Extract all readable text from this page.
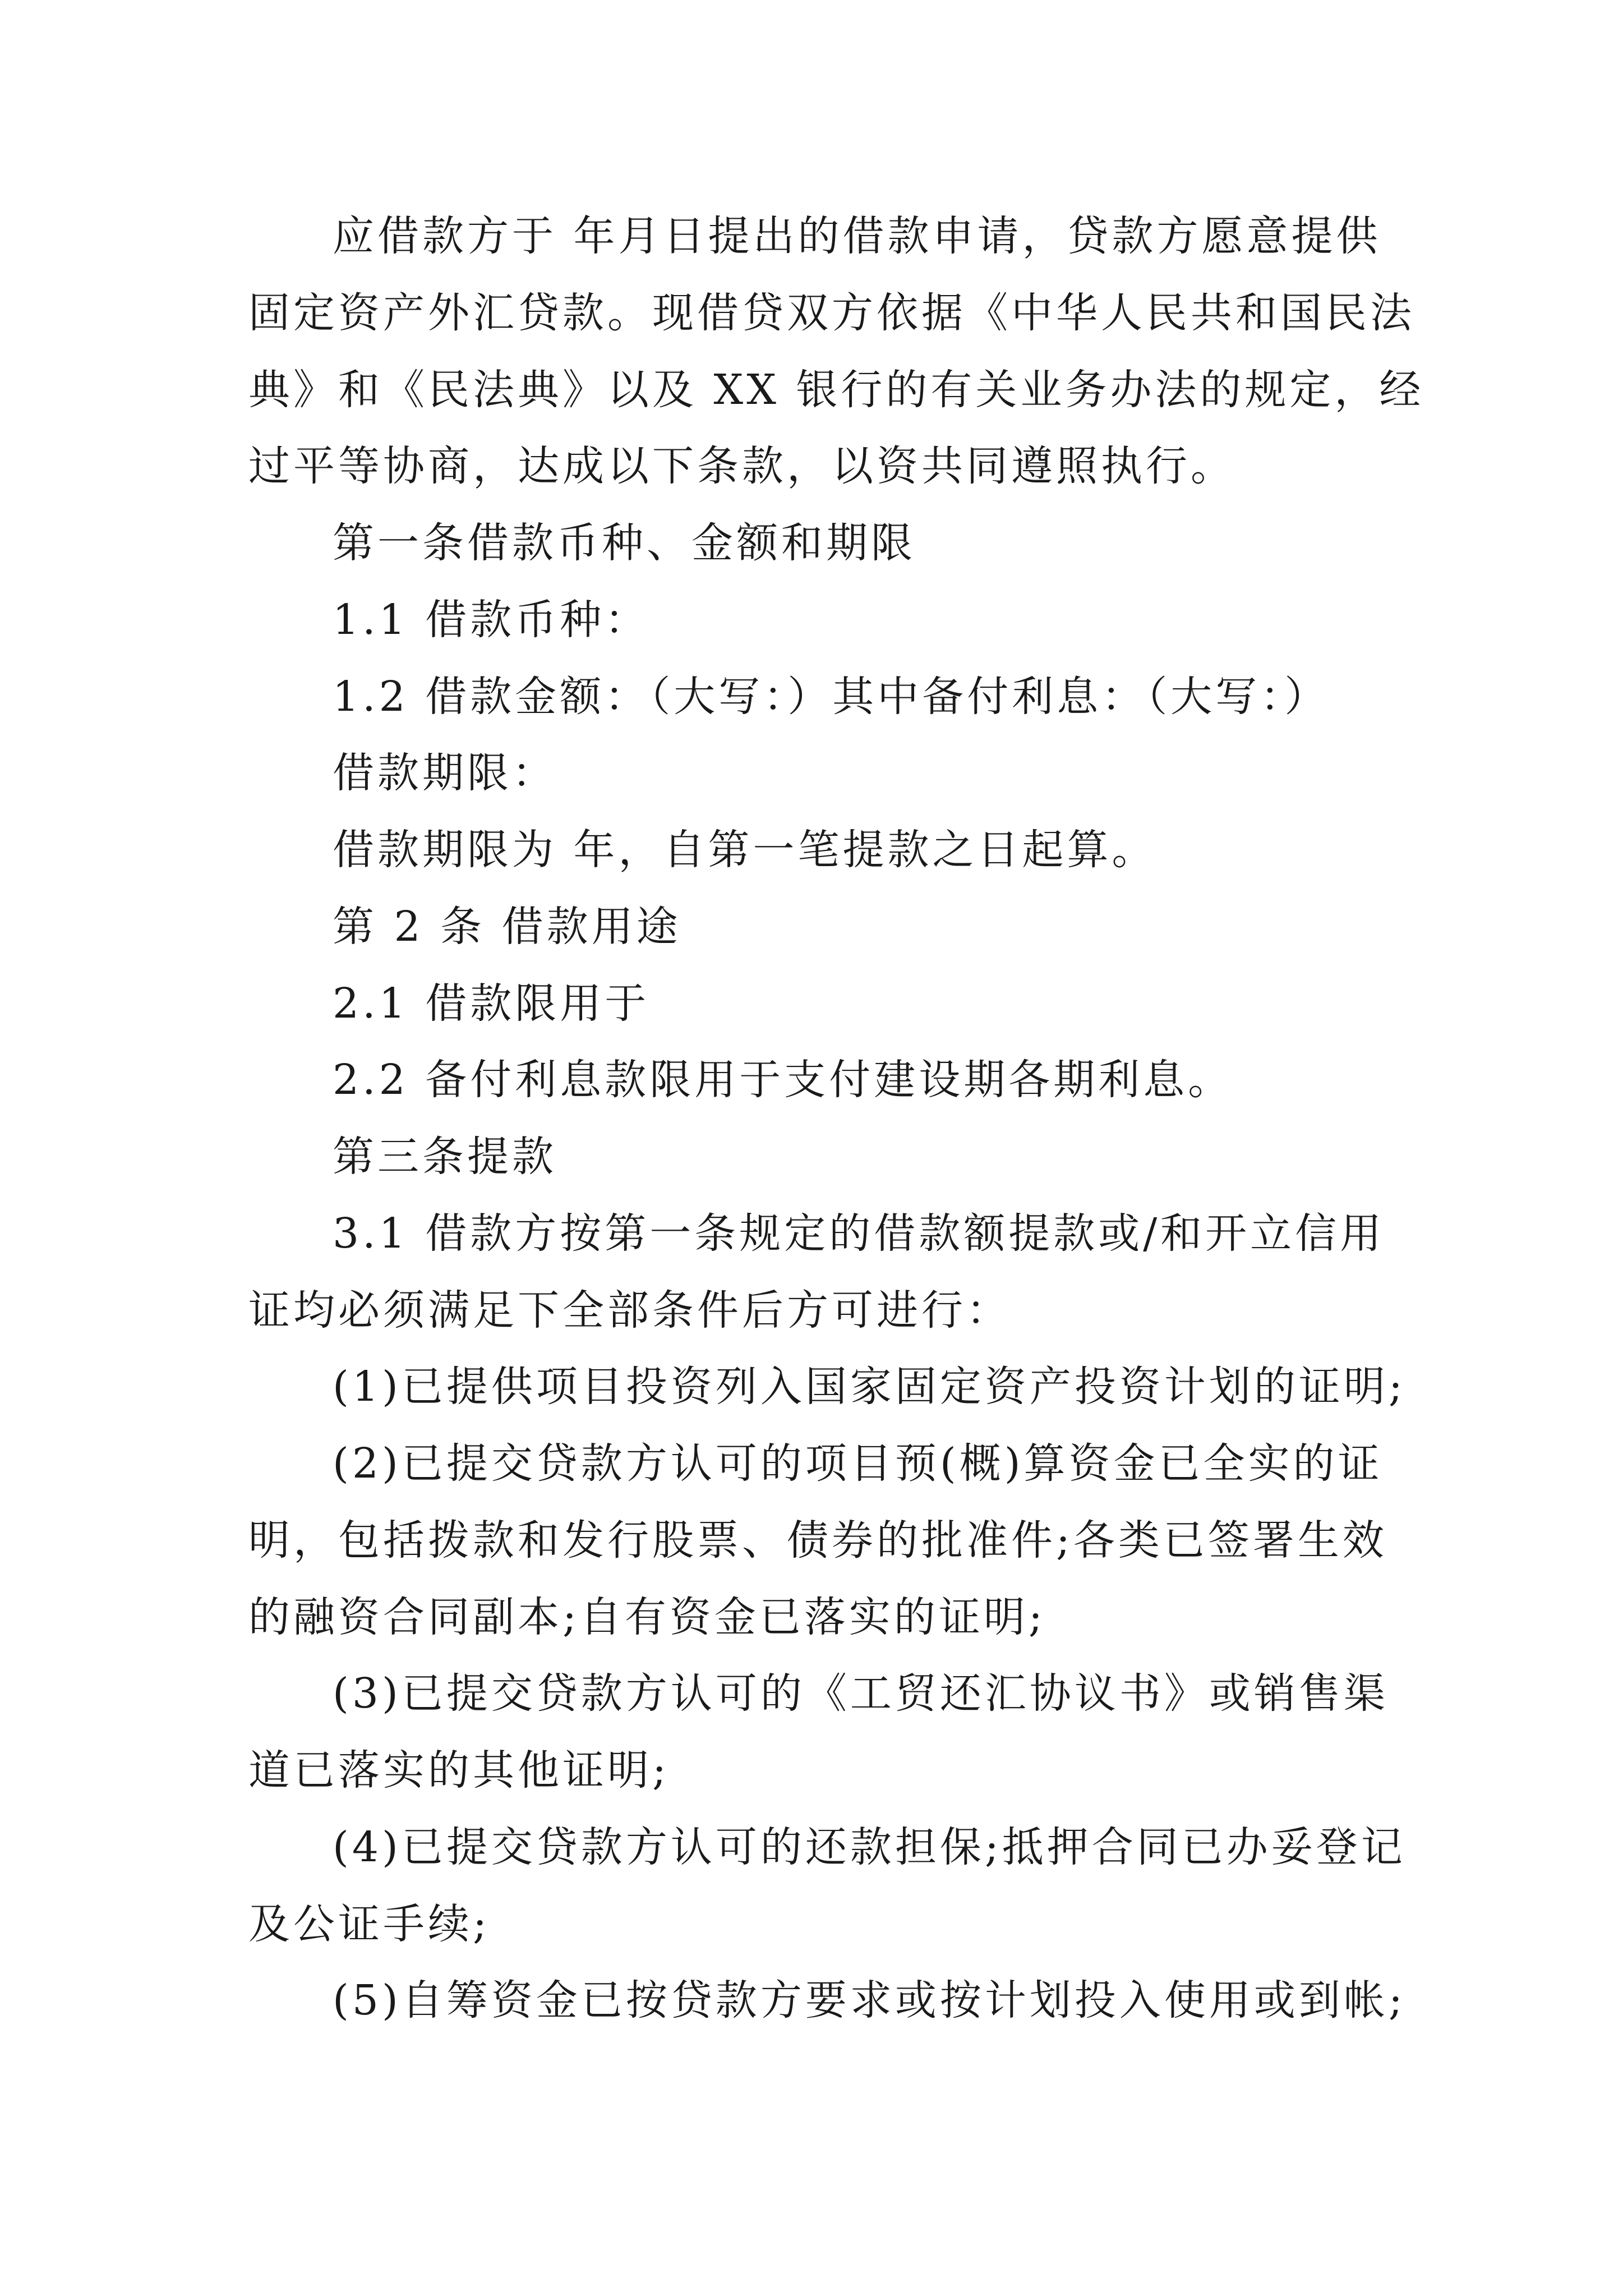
应借款方于 年月日提出的借款申请，贷款方愿意提供

固定资产外汇贷款。现借贷双方依据《中华人民共和国民法

典》和《民法典》以及 XX 银行的有关业务办法的规定，经

过平等协商，达成以下条款，以资共同遵照执行。

第一条借款币种、金额和期限

1.1 借款币种：

1.2 借款金额：（大写：）其中备付利息：（大写：）

借款期限：

借款期限为 年，自第一笔提款之日起算。

第 2 条 借款用途

2.1 借款限用于

2.2 备付利息款限用于支付建设期各期利息。

第三条提款

3.1 借款方按第一条规定的借款额提款或/和开立信用

证均必须满足下全部条件后方可进行：

(1)已提供项目投资列入国家固定资产投资计划的证明;

(2)已提交贷款方认可的项目预(概)算资金已全实的证

明，包括拨款和发行股票、债券的批准件;各类已签署生效

的融资合同副本;自有资金已落实的证明;

(3)已提交贷款方认可的《工贸还汇协议书》或销售渠

道已落实的其他证明;

(4)已提交贷款方认可的还款担保;抵押合同已办妥登记

及公证手续;

(5)自筹资金已按贷款方要求或按计划投入使用或到帐;
